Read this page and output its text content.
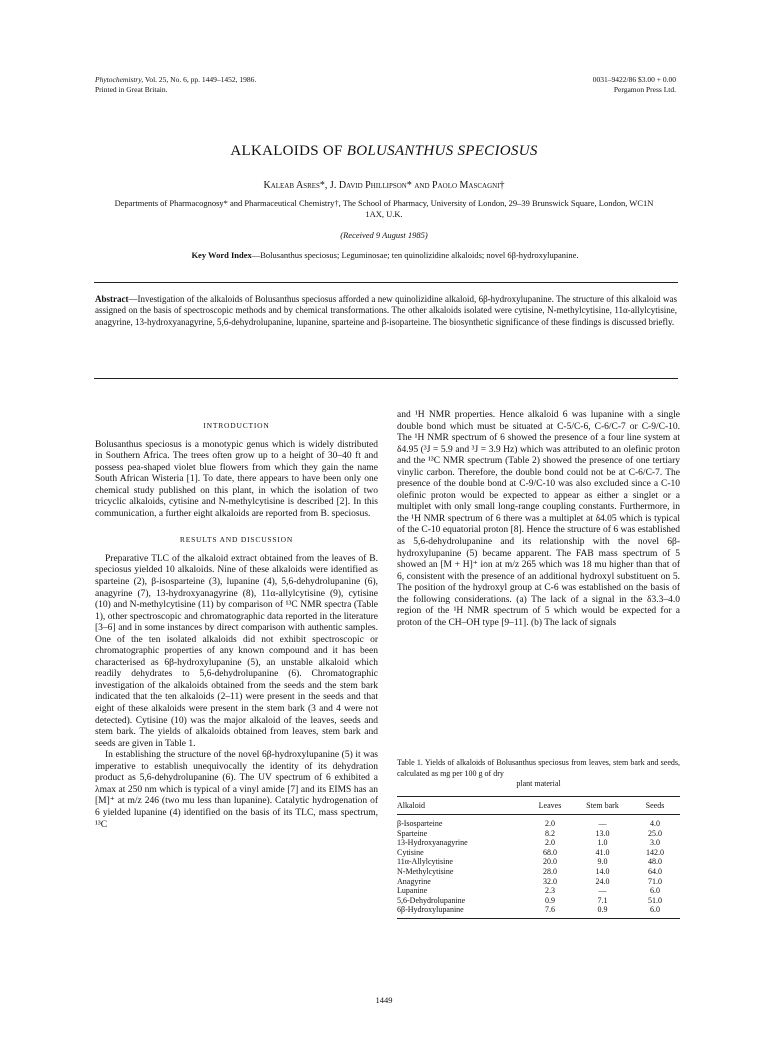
Phytochemistry, Vol. 25, No. 6, pp. 1449–1452, 1986.
Printed in Great Britain.
0031–9422/86 $3.00 + 0.00
Pergamon Press Ltd.
ALKALOIDS OF BOLUSANTHUS SPECIOSUS
Kaleab Asres*, J. David Phillipson* and Paolo Mascagni†
Departments of Pharmacognosy* and Pharmaceutical Chemistry†, The School of Pharmacy, University of London, 29–39 Brunswick Square, London, WC1N 1AX, U.K.
(Received 9 August 1985)
Key Word Index—Bolusanthus speciosus; Leguminosae; ten quinolizidine alkaloids; novel 6β-hydroxylupanine.
Abstract—Investigation of the alkaloids of Bolusanthus speciosus afforded a new quinolizidine alkaloid, 6β-hydroxylupanine. The structure of this alkaloid was assigned on the basis of spectroscopic methods and by chemical transformations. The other alkaloids isolated were cytisine, N-methylcytisine, 11α-allylcytisine, anagyrine, 13-hydroxyanagyrine, 5,6-dehydrolupanine, lupanine, sparteine and β-isoparteine. The biosynthetic significance of these findings is discussed briefly.

INTRODUCTION

Bolusanthus speciosus is a monotypic genus which is widely distributed in Southern Africa. The trees often grow up to a height of 30–40 ft and possess pea-shaped violet blue flowers from which they gain the name South African Wisteria [1]. To date, there appears to have been only one chemical study published on this plant, in which the isolation of two tricyclic alkaloids, cytisine and N-methylcytisine is described [2]. In this communication, a further eight alkaloids are reported from B. speciosus.

RESULTS AND DISCUSSION

Preparative TLC of the alkaloid extract obtained from the leaves of B. speciosus yielded 10 alkaloids. Nine of these alkaloids were identified as sparteine (2), β-isosparteine (3), lupanine (4), 5,6-dehydrolupanine (6), anagyrine (7), 13-hydroxyanagyrine (8), 11α-allylcytisine (9), cytisine (10) and N-methylcytisine (11) by comparison of ¹³C NMR spectra (Table 1), other spectroscopic and chromatographic data reported in the literature [3–6] and in some instances by direct comparison with authentic samples. One of the ten isolated alkaloids did not exhibit spectroscopic or chromatographic properties of any known compound and it has been characterised as 6β-hydroxylupanine (5), an unstable alkaloid which readily dehydrates to 5,6-dehydrolupanine (6). Chromatographic investigation of the alkaloids obtained from the seeds and the stem bark indicated that the ten alkaloids (2–11) were present in the seeds and that eight of these alkaloids were present in the stem bark (3 and 4 were not detected). Cytisine (10) was the major alkaloid of the leaves, seeds and stem bark. The yields of alkaloids obtained from leaves, stem bark and seeds are given in Table 1.

In establishing the structure of the novel 6β-hydroxylupanine (5) it was imperative to establish unequivocally the identity of its dehydration product as 5,6-dehydrolupanine (6). The UV spectrum of 6 exhibited a λmax at 250 nm which is typical of a vinyl amide [7] and its EIMS has an [M]⁺ at m/z 246 (two mu less than lupanine). Catalytic hydrogenation of 6 yielded lupanine (4) identified on the basis of its TLC, mass spectrum, ¹³C

and ¹H NMR properties. Hence alkaloid 6 was lupanine with a single double bond which must be situated at C-5/C-6, C-6/C-7 or C-9/C-10. The ¹H NMR spectrum of 6 showed the presence of a four line system at δ4.95 (³J = 5.9 and ³J = 3.9 Hz) which was attributed to an olefinic proton and the ¹³C NMR spectrum (Table 2) showed the presence of one tertiary vinylic carbon. Therefore, the double bond could not be at C-6/C-7. The presence of the double bond at C-9/C-10 was also excluded since a C-10 olefinic proton would be expected to appear as either a singlet or a multiplet with only small long-range coupling constants. Furthermore, in the ¹H NMR spectrum of 6 there was a multiplet at δ4.05 which is typical of the C-10 equatorial proton [8]. Hence the structure of 6 was established as 5,6-dehydrolupanine and its relationship with the novel 6β-hydroxylupanine (5) became apparent. The FAB mass spectrum of 5 showed an [M + H]⁺ ion at m/z 265 which was 18 mu higher than that of 6, consistent with the presence of an additional hydroxyl substituent on 5. The position of the hydroxyl group at C-6 was established on the basis of the following considerations. (a) The lack of a signal in the δ3.3–4.0 region of the ¹H NMR spectrum of 5 which would be expected for a proton of the CH–OH type [9–11]. (b) The lack of signals

Table 1. Yields of alkaloids of Bolusanthus speciosus from leaves, stem bark and seeds, calculated as mg per 100 g of dry
plant material
Alkaloid	Leaves	Stem bark	Seeds

β-Isosparteine	2.0	—	4.0
Sparteine	8.2	13.0	25.0
13-Hydroxyanagyrine	2.0	1.0	3.0
Cytisine	68.0	41.0	142.0
11α-Allylcytisine	20.0	9.0	48.0
N-Methylcytisine	28.0	14.0	64.0
Anagyrine	32.0	24.0	71.0
Lupanine	2.3	—	6.0
5,6-Dehydrolupanine	0.9	7.1	51.0
6β-Hydroxylupanine	7.6	0.9	6.0
1449
